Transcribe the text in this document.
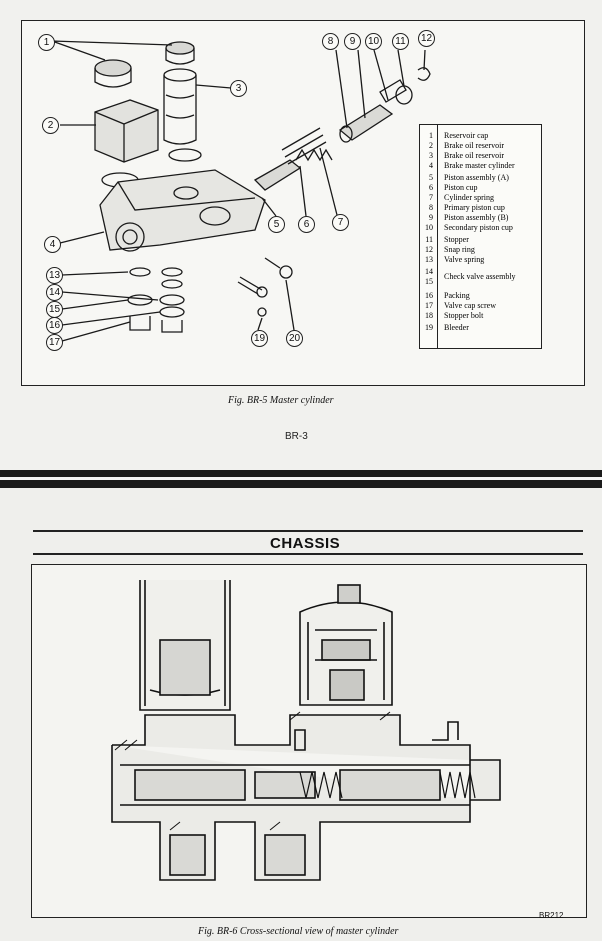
1
2
3
4
5	6	7
8	9	10	11	12
13
14
15
16
17	19 20
1 Reservoir cap
2 Brake oil reservoir
3 Brake oil reservoir
4 Brake master cylinder
5 Piston assembly (A)
6 Piston cup
7 Cylinder spring
8 Primary piston cup
9 Piston assembly (B)
10 Secondary piston cup
11 Stopper
12 Snap ring
13 Valve spring
14
15
Check valve assembly
16 Packing
17 Valve cap screw
18 Stopper bolt
19 Bleeder
Fig. BR-5 Master cylinder
BR-3
CHASSIS
BR212
Fig. BR-6 Cross-sectional view of master cylinder
